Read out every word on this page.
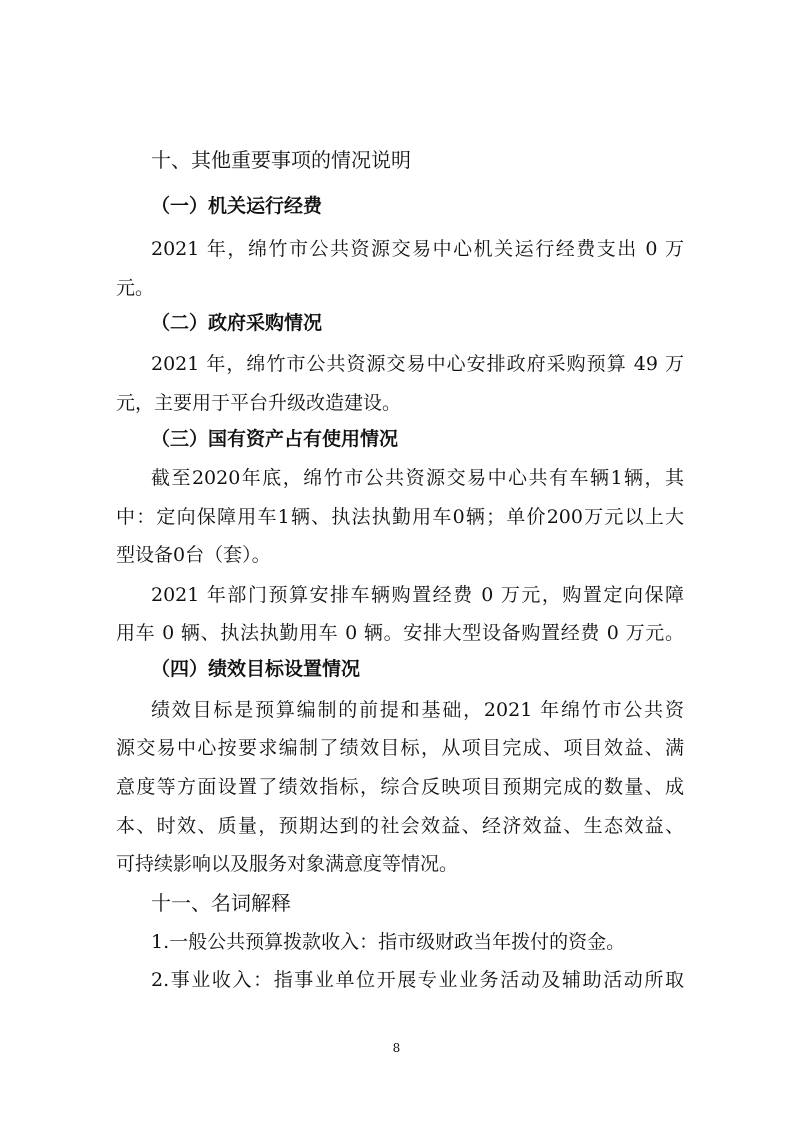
十、其他重要事项的情况说明
（一）机关运行经费
2021 年，绵竹市公共资源交易中心机关运行经费支出 0 万
元。
（二）政府采购情况
2021 年，绵竹市公共资源交易中心安排政府采购预算 49 万
元，主要用于平台升级改造建设。
（三）国有资产占有使用情况
截至2020年底，绵竹市公共资源交易中心共有车辆1辆，其
中：定向保障用车1辆、执法执勤用车0辆；单价200万元以上大
型设备0台（套）。
2021 年部门预算安排车辆购置经费 0 万元，购置定向保障
用车 0 辆、执法执勤用车 0 辆。安排大型设备购置经费 0 万元。
（四）绩效目标设置情况
绩效目标是预算编制的前提和基础，2021 年绵竹市公共资
源交易中心按要求编制了绩效目标，从项目完成、项目效益、满
意度等方面设置了绩效指标，综合反映项目预期完成的数量、成
本、时效、质量，预期达到的社会效益、经济效益、生态效益、
可持续影响以及服务对象满意度等情况。
十一、名词解释
1.一般公共预算拨款收入：指市级财政当年拨付的资金。
2.事业收入：指事业单位开展专业业务活动及辅助活动所取
8
